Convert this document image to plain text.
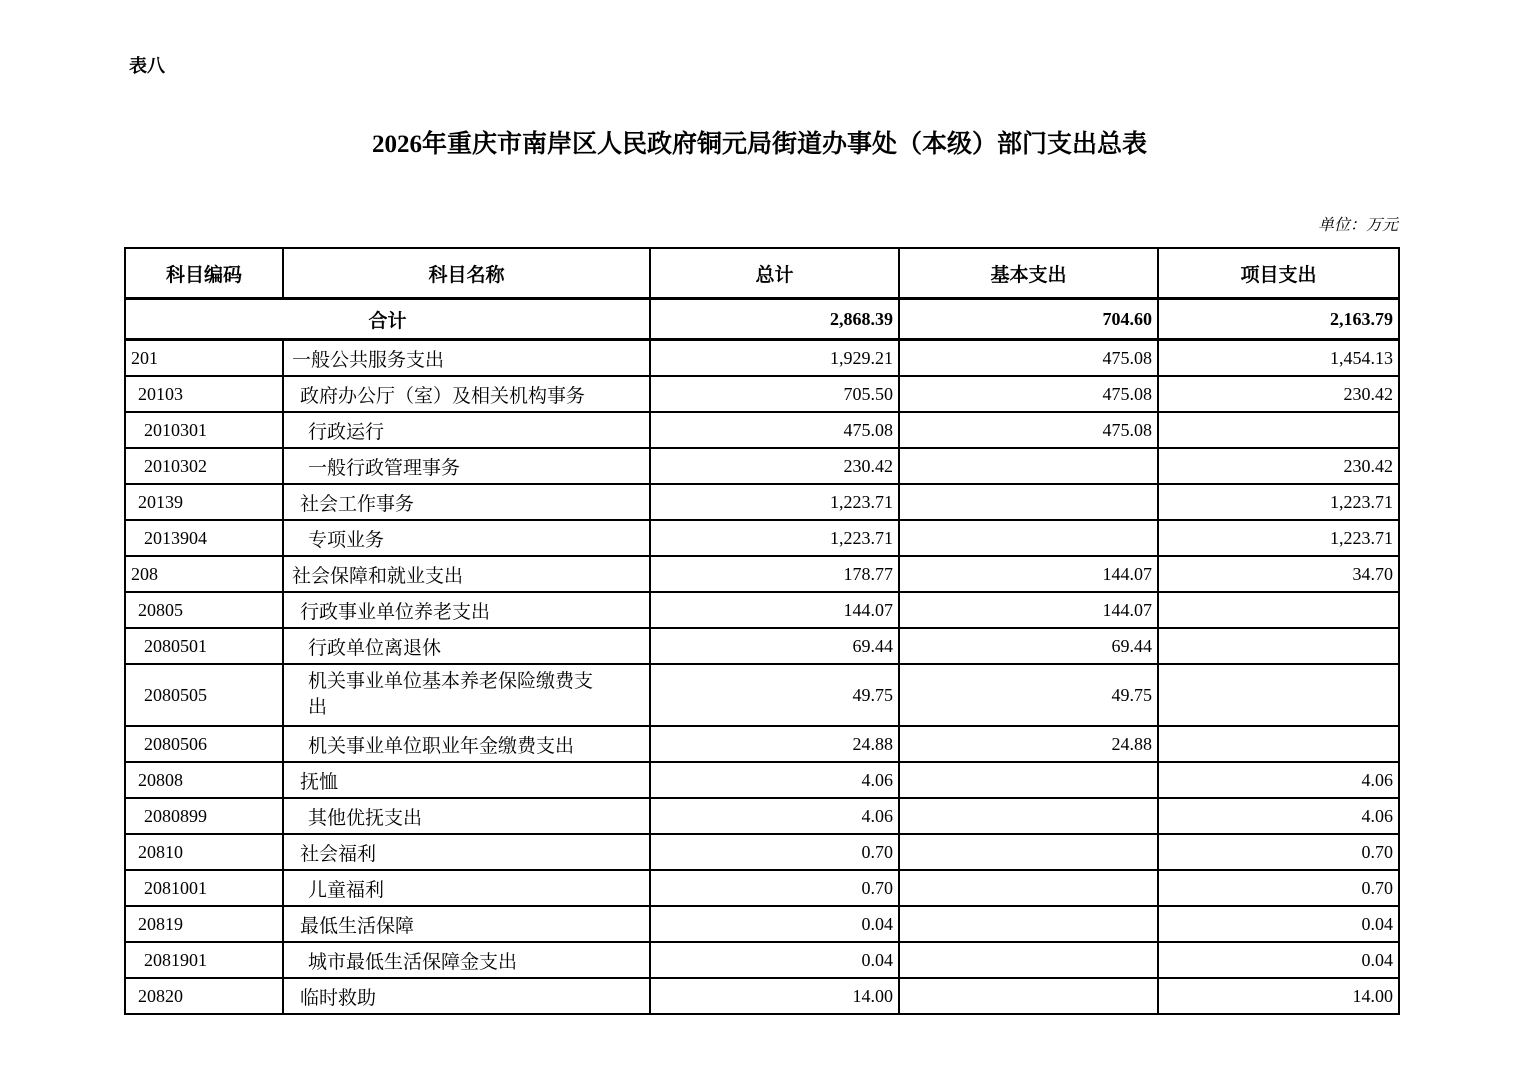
表八
2026年重庆市南岸区人民政府铜元局街道办事处（本级）部门支出总表
单位：万元
科目编码	科目名称	总计	基本支出	项目支出
合计		2,868.39	704.60	2,163.79
201	一般公共服务支出	1,929.21	475.08	1,454.13
20103	政府办公厅（室）及相关机构事务	705.50	475.08	230.42
2010301	行政运行	475.08	475.08	
2010302	一般行政管理事务	230.42		230.42
20139	社会工作事务	1,223.71		1,223.71
2013904	专项业务	1,223.71		1,223.71
208	社会保障和就业支出	178.77	144.07	34.70
20805	行政事业单位养老支出	144.07	144.07	
2080501	行政单位离退休	69.44	69.44	
2080505	机关事业单位基本养老保险缴费支出	49.75	49.75	
2080506	机关事业单位职业年金缴费支出	24.88	24.88	
20808	抚恤	4.06		4.06
2080899	其他优抚支出	4.06		4.06
20810	社会福利	0.70		0.70
2081001	儿童福利	0.70		0.70
20819	最低生活保障	0.04		0.04
2081901	城市最低生活保障金支出	0.04		0.04
20820	临时救助	14.00		14.00
